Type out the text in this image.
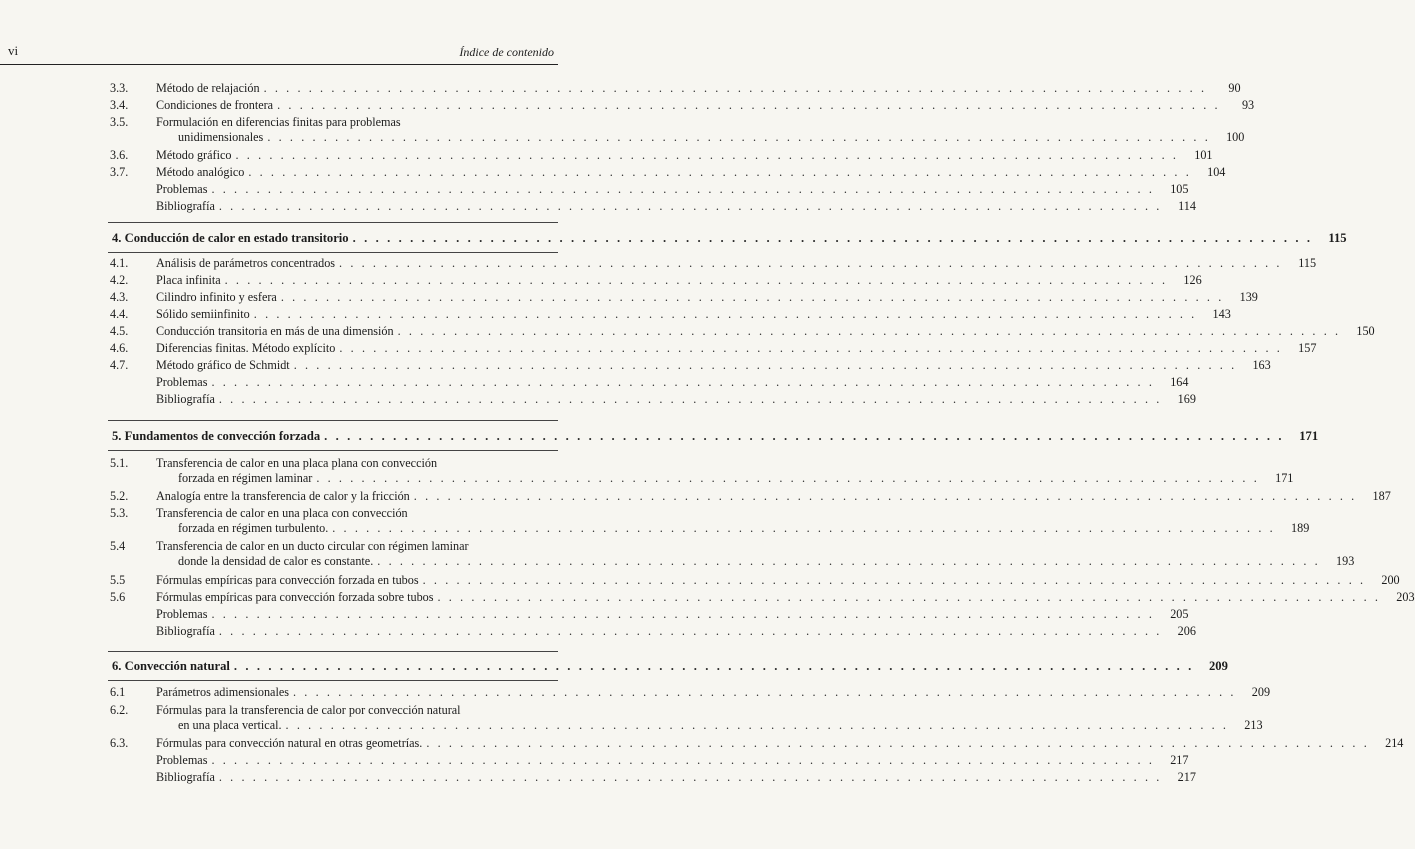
vi	Índice de contenido
3.3.	Método de relajación . . . . . . . . . . . . . . . . . . . . . . . . . . . . . . . . . . . . . . . . . . . . . . . . . . . . . . . . . . . . . . . . . . . . . . . . . . . . . . . . . . . .	90
3.4.	Condiciones de frontera . . . . . . . . . . . . . . . . . . . . . . . . . . . . . . . . . . . . . . . . . . . . . . . . . . . . . . . . . . . . . . . . . . . . . . . . . . . . . . . . . . . .	93
3.5.	Formulación en diferencias finitas para problemas
unidimensionales . . . . . . . . . . . . . . . . . . . . . . . . . . . . . . . . . . . . . . . . . . . . . . . . . . . . . . . . . . . . . . . . . . . . . . . . . . . . . . . . . . . .	100
3.6.	Método gráfico . . . . . . . . . . . . . . . . . . . . . . . . . . . . . . . . . . . . . . . . . . . . . . . . . . . . . . . . . . . . . . . . . . . . . . . . . . . . . . . . . . . .	101
3.7.	Método analógico . . . . . . . . . . . . . . . . . . . . . . . . . . . . . . . . . . . . . . . . . . . . . . . . . . . . . . . . . . . . . . . . . . . . . . . . . . . . . . . . . . . .	104
Problemas . . . . . . . . . . . . . . . . . . . . . . . . . . . . . . . . . . . . . . . . . . . . . . . . . . . . . . . . . . . . . . . . . . . . . . . . . . . . . . . . . . . .	105
Bibliografía . . . . . . . . . . . . . . . . . . . . . . . . . . . . . . . . . . . . . . . . . . . . . . . . . . . . . . . . . . . . . . . . . . . . . . . . . . . . . . . . . . . .	114
4. Conducción de calor en estado transitorio . . . . . . . . . . . . . . . . . . . . . . . . . . . . . . . . . . . . . . . . . . . . . . . . . . . . . . . . . . . . . . . . . . . . . . . . . . . . . . . . . . . .	115
4.1.	Análisis de parámetros concentrados . . . . . . . . . . . . . . . . . . . . . . . . . . . . . . . . . . . . . . . . . . . . . . . . . . . . . . . . . . . . . . . . . . . . . . . . . . . . . . . . . . . .	115
4.2.	Placa infinita . . . . . . . . . . . . . . . . . . . . . . . . . . . . . . . . . . . . . . . . . . . . . . . . . . . . . . . . . . . . . . . . . . . . . . . . . . . . . . . . . . . .	126
4.3.	Cilindro infinito y esfera . . . . . . . . . . . . . . . . . . . . . . . . . . . . . . . . . . . . . . . . . . . . . . . . . . . . . . . . . . . . . . . . . . . . . . . . . . . . . . . . . . . .	139
4.4.	Sólido semiinfinito . . . . . . . . . . . . . . . . . . . . . . . . . . . . . . . . . . . . . . . . . . . . . . . . . . . . . . . . . . . . . . . . . . . . . . . . . . . . . . . . . . . .	143
4.5.	Conducción transitoria en más de una dimensión . . . . . . . . . . . . . . . . . . . . . . . . . . . . . . . . . . . . . . . . . . . . . . . . . . . . . . . . . . . . . . . . . . . . . . . . . . . . . . . . . . . .	150
4.6.	Diferencias finitas. Método explícito . . . . . . . . . . . . . . . . . . . . . . . . . . . . . . . . . . . . . . . . . . . . . . . . . . . . . . . . . . . . . . . . . . . . . . . . . . . . . . . . . . . .	157
4.7.	Método gráfico de Schmidt . . . . . . . . . . . . . . . . . . . . . . . . . . . . . . . . . . . . . . . . . . . . . . . . . . . . . . . . . . . . . . . . . . . . . . . . . . . . . . . . . . . .	163
Problemas . . . . . . . . . . . . . . . . . . . . . . . . . . . . . . . . . . . . . . . . . . . . . . . . . . . . . . . . . . . . . . . . . . . . . . . . . . . . . . . . . . . .	164
Bibliografía . . . . . . . . . . . . . . . . . . . . . . . . . . . . . . . . . . . . . . . . . . . . . . . . . . . . . . . . . . . . . . . . . . . . . . . . . . . . . . . . . . . .	169
5. Fundamentos de convección forzada . . . . . . . . . . . . . . . . . . . . . . . . . . . . . . . . . . . . . . . . . . . . . . . . . . . . . . . . . . . . . . . . . . . . . . . . . . . . . . . . . . . .	171
5.1.	Transferencia de calor en una placa plana con convección
forzada en régimen laminar . . . . . . . . . . . . . . . . . . . . . . . . . . . . . . . . . . . . . . . . . . . . . . . . . . . . . . . . . . . . . . . . . . . . . . . . . . . . . . . . . . . .	171
5.2.	Analogía entre la transferencia de calor y la fricción . . . . . . . . . . . . . . . . . . . . . . . . . . . . . . . . . . . . . . . . . . . . . . . . . . . . . . . . . . . . . . . . . . . . . . . . . . . . . . . . . . . .	187
5.3.	Transferencia de calor en una placa con convección
forzada en régimen turbulento. . . . . . . . . . . . . . . . . . . . . . . . . . . . . . . . . . . . . . . . . . . . . . . . . . . . . . . . . . . . . . . . . . . . . . . . . . . . . . . . . . . . .	189
5.4	Transferencia de calor en un ducto circular con régimen laminar
donde la densidad de calor es constante. . . . . . . . . . . . . . . . . . . . . . . . . . . . . . . . . . . . . . . . . . . . . . . . . . . . . . . . . . . . . . . . . . . . . . . . . . . . . . . . . . . . .	193
5.5	Fórmulas empíricas para convección forzada en tubos . . . . . . . . . . . . . . . . . . . . . . . . . . . . . . . . . . . . . . . . . . . . . . . . . . . . . . . . . . . . . . . . . . . . . . . . . . . . . . . . . . . .	200
5.6	Fórmulas empíricas para convección forzada sobre tubos . . . . . . . . . . . . . . . . . . . . . . . . . . . . . . . . . . . . . . . . . . . . . . . . . . . . . . . . . . . . . . . . . . . . . . . . . . . . . . . . . . . .	203
Problemas . . . . . . . . . . . . . . . . . . . . . . . . . . . . . . . . . . . . . . . . . . . . . . . . . . . . . . . . . . . . . . . . . . . . . . . . . . . . . . . . . . . .	205
Bibliografía . . . . . . . . . . . . . . . . . . . . . . . . . . . . . . . . . . . . . . . . . . . . . . . . . . . . . . . . . . . . . . . . . . . . . . . . . . . . . . . . . . . .	206
6. Convección natural . . . . . . . . . . . . . . . . . . . . . . . . . . . . . . . . . . . . . . . . . . . . . . . . . . . . . . . . . . . . . . . . . . . . . . . . . . . . . . . . . . . .	209
6.1	Parámetros adimensionales . . . . . . . . . . . . . . . . . . . . . . . . . . . . . . . . . . . . . . . . . . . . . . . . . . . . . . . . . . . . . . . . . . . . . . . . . . . . . . . . . . . .	209
6.2.	Fórmulas para la transferencia de calor por convección natural
en una placa vertical. . . . . . . . . . . . . . . . . . . . . . . . . . . . . . . . . . . . . . . . . . . . . . . . . . . . . . . . . . . . . . . . . . . . . . . . . . . . . . . . . . . . .	213
6.3.	Fórmulas para convección natural en otras geometrías. . . . . . . . . . . . . . . . . . . . . . . . . . . . . . . . . . . . . . . . . . . . . . . . . . . . . . . . . . . . . . . . . . . . . . . . . . . . . . . . . . . . .	214
Problemas . . . . . . . . . . . . . . . . . . . . . . . . . . . . . . . . . . . . . . . . . . . . . . . . . . . . . . . . . . . . . . . . . . . . . . . . . . . . . . . . . . . .	217
Bibliografía . . . . . . . . . . . . . . . . . . . . . . . . . . . . . . . . . . . . . . . . . . . . . . . . . . . . . . . . . . . . . . . . . . . . . . . . . . . . . . . . . . . .	217
